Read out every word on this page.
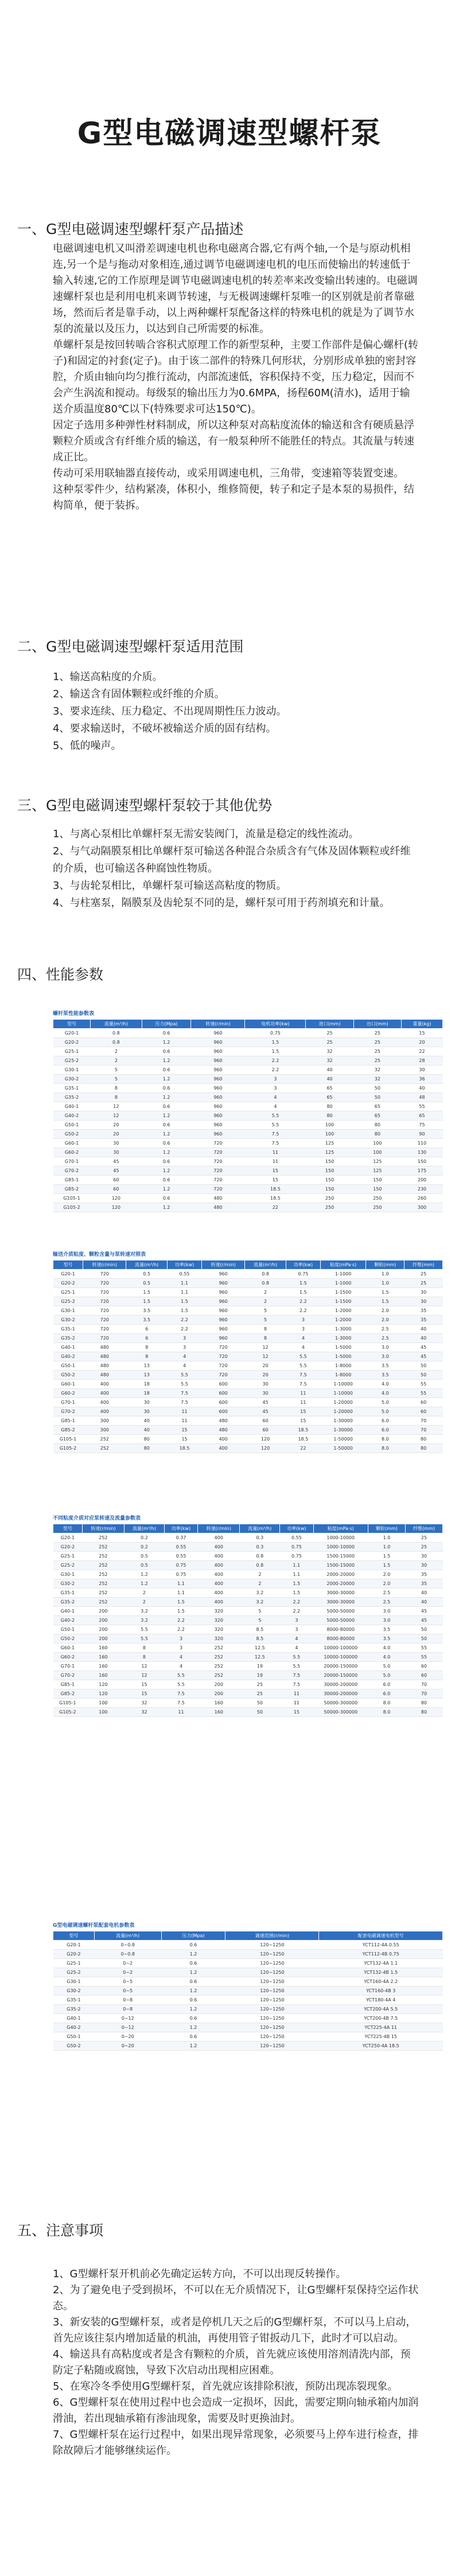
G型电磁调速型螺杆泵
一、G型电磁调速型螺杆泵产品描述

电磁调速电机又叫滑差调速电机也称电磁离合器,它有两个轴,一个是与原动机相连,另一个是与拖动对象相连,通过调节电磁调速电机的电压而使输出的转速低于输入转速,它的工作原理是调节电磁调速电机的转差率来改变输出转速的。电磁调速螺杆泵也是利用电机来调节转速，与无极调速螺杆泵唯一的区别就是前者靠磁场，然而后者是靠手动，以上两种螺杆泵配备这样的特殊电机的就是为了调节水 泵的流量以及压力，以达到自己所需要的标准。

单螺杆泵是按回转啮合容积式原理工作的新型泵种，主要工作部件是偏心螺杆(转子)和固定的衬套(定子)。由于该二部件的特殊几何形状，分别形成单独的密封容腔，介质由轴向均匀推行流动，内部流速低，容积保持不变，压力稳定，因而不会产生涡流和搅动。每级泵的输出压力为0.6MPA，扬程60M(清水)，适用于输送介质温度80℃以下(特殊要求可达150℃)。

因定子选用多种弹性材料制成，所以这种泵对高粘度流体的输送和含有硬质悬浮颗粒介质或含有纤维介质的输送，有一般泵种所不能胜任的特点。其流量与转速成正比。

传动可采用联轴器直接传动，或采用调速电机，三角带，变速箱等装置变速。

这种泵零件少，结构紧凑，体积小，维修简便，转子和定子是本泵的易损件，结构简单，便于装拆。

二、G型电磁调速型螺杆泵适用范围
1、输送高粘度的介质。
2、输送含有固体颗粒或纤维的介质。
3、要求连续、压力稳定、不出现周期性压力波动。
4、要求输送时，不破坏被输送介质的固有结构。
5、低的噪声。
三、G型电磁调速型螺杆泵较于其他优势
1、与离心泵相比单螺杆泵无需安装阀门，流量是稳定的线性流动。
2、与气动隔膜泵相比单螺杆泵可输送各种混合杂质含有气体及固体颗粒或纤维的介质，也可输送各种腐蚀性物质。
3、与齿轮泵相比，单螺杆泵可输送高粘度的物质。
4、与柱塞泵，隔膜泵及齿轮泵不同的是，螺杆泵可用于药剂填充和计量。
四、性能参数
螺杆泵性能参数表
型号	流量(m³/h)	压力(Mpa)	转速(r/min)	电机功率(kw)	进口(mm)	出口(mm)	重量(kg)
G20-1	0.8	0.6	960	0.75	25	25	15
G20-2	0.8	1.2	960	1.5	25	25	20
G25-1	2	0.6	960	1.5	32	25	22
G25-2	2	1.2	960	2.2	32	25	28
G30-1	5	0.6	960	2.2	40	32	30
G30-2	5	1.2	960	3	40	32	36
G35-1	8	0.6	960	3	65	50	40
G35-2	8	1.2	960	4	65	50	48
G40-1	12	0.6	960	4	80	65	55
G40-2	12	1.2	960	5.5	80	65	65
G50-1	20	0.6	960	5.5	100	80	75
G50-2	20	1.2	960	7.5	100	80	90
G60-1	30	0.6	720	7.5	125	100	110
G60-2	30	1.2	720	11	125	100	130
G70-1	45	0.6	720	11	150	125	150
G70-2	45	1.2	720	15	150	125	175
G85-1	60	0.6	720	15	150	150	200
G85-2	60	1.2	720	18.5	150	150	230
G105-1	120	0.6	480	18.5	250	250	260
G105-2	120	1.2	480	22	250	250	300
输送介质粘度、颗粒含量与泵转速对照表
型号	转速(r/min)	流量(m³/h)	功率(kw)	转速(r/min)	流量(m³/h)	功率(kw)	粘度(mPa·s)	颗粒(mm)	纤维(mm)
G20-1	720	0.5	0.55	960	0.8	0.75	1-1000	1.0	25
G20-2	720	0.5	1.1	960	0.8	1.5	1-1000	1.0	25
G25-1	720	1.5	1.1	960	2	1.5	1-1500	1.5	30
G25-2	720	1.5	1.5	960	2	2.2	1-1500	1.5	30
G30-1	720	3.5	1.5	960	5	2.2	1-2000	2.0	35
G30-2	720	3.5	2.2	960	5	3	1-2000	2.0	35
G35-1	720	6	2.2	960	8	3	1-3000	2.5	40
G35-2	720	6	3	960	8	4	1-3000	2.5	40
G40-1	480	8	3	720	12	4	1-5000	3.0	45
G40-2	480	8	4	720	12	5.5	1-5000	3.0	45
G50-1	480	13	4	720	20	5.5	1-8000	3.5	50
G50-2	480	13	5.5	720	20	7.5	1-8000	3.5	50
G60-1	400	18	5.5	600	30	7.5	1-10000	4.0	55
G60-2	400	18	7.5	600	30	11	1-10000	4.0	55
G70-1	400	30	7.5	600	45	11	1-20000	5.0	60
G70-2	400	30	11	600	45	15	1-20000	5.0	60
G85-1	300	40	11	480	60	15	1-30000	6.0	70
G85-2	300	40	15	480	60	18.5	1-30000	6.0	70
G105-1	252	80	15	400	120	18.5	1-50000	8.0	80
G105-2	252	80	18.5	400	120	22	1-50000	8.0	80
不同粘度介质对应泵转速及流量参数表
型号	转速(r/min)	流量(m³/h)	功率(kw)	转速(r/min)	流量(m³/h)	功率(kw)	粘度(mPa·s)	颗粒(mm)	纤维(mm)
G20-1	252	0.2	0.37	400	0.3	0.55	1000-10000	1.0	25
G20-2	252	0.2	0.55	400	0.3	0.75	1000-10000	1.0	25
G25-1	252	0.5	0.55	400	0.8	0.75	1500-15000	1.5	30
G25-2	252	0.5	0.75	400	0.8	1.1	1500-15000	1.5	30
G30-1	252	1.2	0.75	400	2	1.1	2000-20000	2.0	35
G30-2	252	1.2	1.1	400	2	1.5	2000-20000	2.0	35
G35-1	252	2	1.1	400	3.2	1.5	3000-30000	2.5	40
G35-2	252	2	1.5	400	3.2	2.2	3000-30000	2.5	40
G40-1	200	3.2	1.5	320	5	2.2	5000-50000	3.0	45
G40-2	200	3.2	2.2	320	5	3	5000-50000	3.0	45
G50-1	200	5.5	2.2	320	8.5	3	8000-80000	3.5	50
G50-2	200	5.5	3	320	8.5	4	8000-80000	3.5	50
G60-1	160	8	3	252	12.5	4	10000-100000	4.0	55
G60-2	160	8	4	252	12.5	5.5	10000-100000	4.0	55
G70-1	160	12	4	252	19	5.5	20000-150000	5.0	60
G70-2	160	12	5.5	252	19	7.5	20000-150000	5.0	60
G85-1	120	15	5.5	200	25	7.5	30000-200000	6.0	70
G85-2	120	15	7.5	200	25	11	30000-200000	6.0	70
G105-1	100	32	7.5	160	50	11	50000-300000	8.0	80
G105-2	100	32	11	160	50	15	50000-300000	8.0	80
G型电磁调速螺杆泵配套电机参数表
型号	流量(m³/h)	压力(Mpa)	调速范围(r/min)	配套电磁调速电机型号
G20-1	0~0.8	0.6	120~1250	YCT112-4A 0.55
G20-2	0~0.8	1.2	120~1250	YCT112-4B 0.75
G25-1	0~2	0.6	120~1250	YCT132-4A 1.1
G25-2	0~2	1.2	120~1250	YCT132-4B 1.5
G30-1	0~5	0.6	120~1250	YCT160-4A 2.2
G30-2	0~5	1.2	120~1250	YCT160-4B 3
G35-1	0~8	0.6	120~1250	YCT180-4A 4
G35-2	0~8	1.2	120~1250	YCT200-4A 5.5
G40-1	0~12	0.6	120~1250	YCT200-4B 7.5
G40-2	0~12	1.2	120~1250	YCT225-4A 11
G50-1	0~20	0.6	120~1250	YCT225-4B 15
G50-2	0~20	1.2	120~1250	YCT250-4A 18.5
五、注意事项
1、G型螺杆泵开机前必先确定运转方向，不可以出现反转操作。
2、为了避免电子受到损坏，不可以在无介质情况下，让G型螺杆泵保持空运作状态。
3、新安装的G型螺杆泵，或者是停机几天之后的G型螺杆泵，不可以马上启动，首先应该往泵内增加适量的机油，再使用管子钳扳动几下，此时才可以启动。
4、输送具有高粘度或者是含有颗粒的介质，首先就应该使用溶剂清洗内部，预防定子粘随或腐蚀，导致下次启动出现相应困难。
5、在寒冷冬季使用G型螺杆泵，首先就应该排除积液，预防出现冻裂现象。
6、G型螺杆泵在使用过程中也会造成一定损坏，因此，需要定期向轴承箱内加润滑油，若出现轴承箱有渗油现象，需要及时更换油封。
7、G型螺杆泵在运行过程中，如果出现异常现象，必须要马上停车进行检查，排除故障后才能够继续运作。
